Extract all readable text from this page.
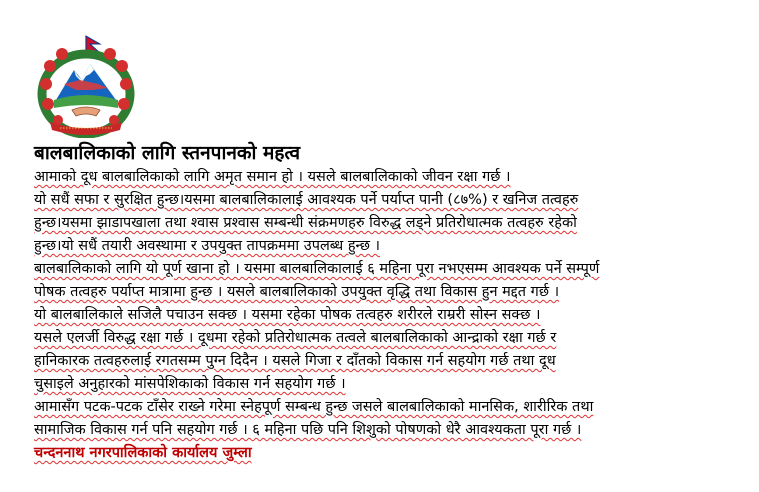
बालबालिकाको लागि स्तनपानको महत्व

आमाको दूध बालबालिकाको लागि अमृत समान हो । यसले बालबालिकाको जीवन रक्षा गर्छ ।
यो सधैं सफा र सुरक्षित हुन्छ।यसमा बालबालिकालाई आवश्यक पर्ने पर्याप्त पानी (८७%) र खनिज तत्वहरु
हुन्छ।यसमा झाडापखाला तथा श्वास प्रश्वास सम्बन्धी संक्रमणहरु विरुद्ध लड्ने प्रतिरोधात्मक तत्वहरु रहेको
हुन्छ।यो सधैं तयारी अवस्थामा र उपयुक्त तापक्रममा उपलब्ध हुन्छ ।

बालबालिकाको लागि यो पूर्ण खाना हो । यसमा बालबालिकालाई ६ महिना पूरा नभएसम्म आवश्यक पर्ने सम्पूर्ण
पोषक तत्वहरु पर्याप्त मात्रामा हुन्छ । यसले बालबालिकाको उपयुक्त वृद्धि तथा विकास हुन मद्दत गर्छ ।
यो बालबालिकाले सजिलै पचाउन सक्छ । यसमा रहेका पोषक तत्वहरु शरीरले राम्ररी सोस्न सक्छ ।

यसले एलर्जी विरुद्ध रक्षा गर्छ । दूधमा रहेको प्रतिरोधात्मक तत्वले बालबालिकाको आन्द्राको रक्षा गर्छ र
हानिकारक तत्वहरुलाई रगतसम्म पुग्न दिदैन । यसले गिजा र दाँतको विकास गर्न सहयोग गर्छ तथा दूध
चुसाइले अनुहारको मांसपेशिकाको विकास गर्न सहयोग गर्छ ।

आमासँग पटक-पटक टाँसेर राख्ने गरेमा स्नेहपूर्ण सम्बन्ध हुन्छ जसले बालबालिकाको मानसिक, शारीरिक तथा
सामाजिक विकास गर्न पनि सहयोग गर्छ । ६ महिना पछि पनि शिशुको पोषणको धेरै आवश्यकता पूरा गर्छ ।

चन्दननाथ नगरपालिकाको कार्यालय जुम्ला
